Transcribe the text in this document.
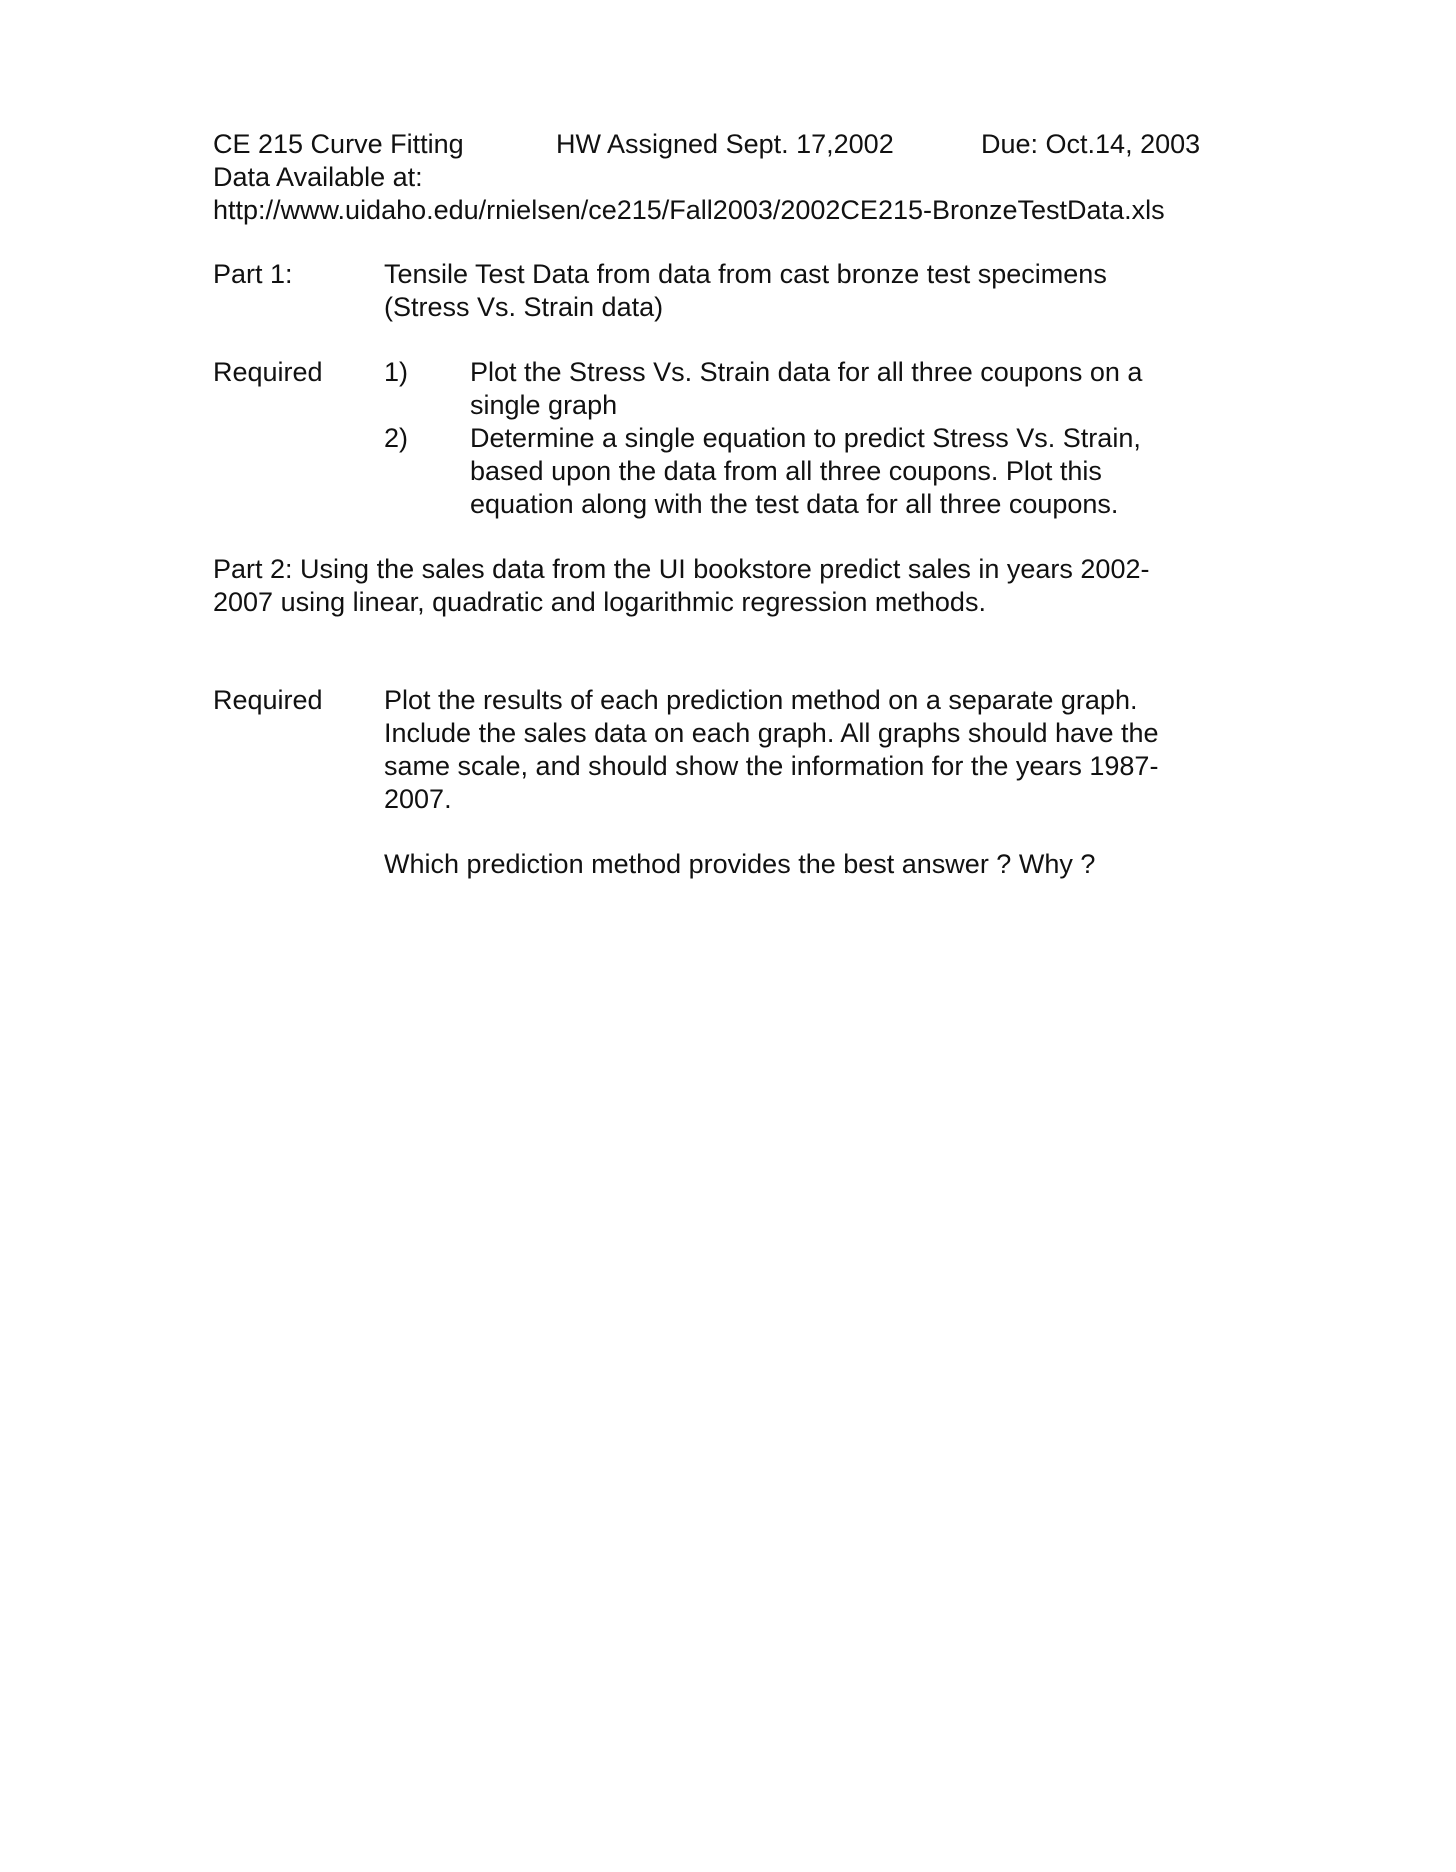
CE 215 Curve Fitting	HW Assigned Sept. 17,2002	Due: Oct.14, 2003
Data Available at:
http://www.uidaho.edu/rnielsen/ce215/Fall2003/2002CE215-BronzeTestData.xls
Part 1:	Tensile Test Data from data from cast bronze test specimens
(Stress Vs. Strain data)
Required 1) Plot the Stress Vs. Strain data for all three coupons on a
single graph
2) Determine a single equation to predict Stress Vs. Strain,
based upon the data from all three coupons. Plot this
equation along with the test data for all three coupons.
Part 2: Using the sales data from the UI bookstore predict sales in years 2002-
2007 using linear, quadratic and logarithmic regression methods.
Required Plot the results of each prediction method on a separate graph.
Include the sales data on each graph. All graphs should have the
same scale, and should show the information for the years 1987-
2007.
Which prediction method provides the best answer ? Why ?
